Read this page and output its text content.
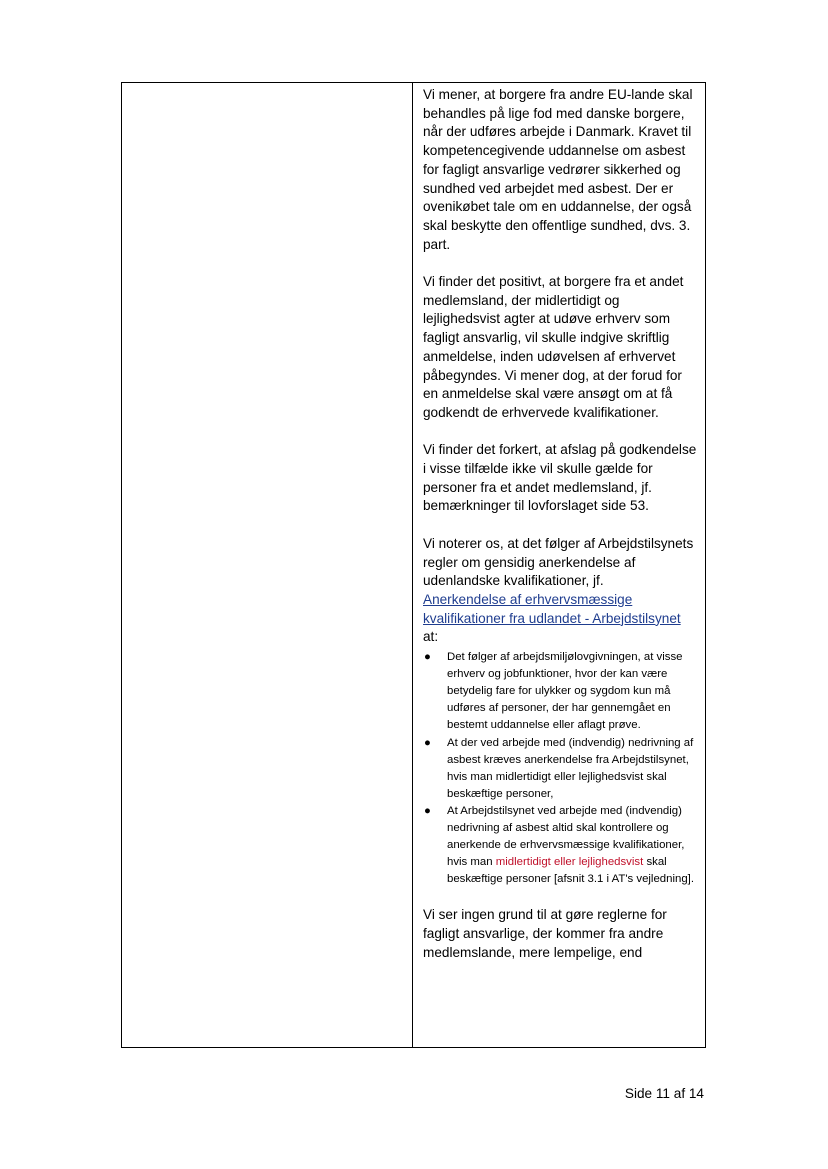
Vi mener, at borgere fra andre EU-lande skal behandles på lige fod med danske borgere, når der udføres arbejde i Danmark. Kravet til kompetencegivende uddannelse om asbest for fagligt ansvarlige vedrører sikkerhed og sundhed ved arbejdet med asbest. Der er ovenikøbet tale om en uddannelse, der også skal beskytte den offentlige sundhed, dvs. 3. part.

Vi finder det positivt, at borgere fra et andet medlemsland, der midlertidigt og lejlighedsvist agter at udøve erhverv som fagligt ansvarlig, vil skulle indgive skriftlig anmeldelse, inden udøvelsen af erhvervet påbegyndes. Vi mener dog, at der forud for en anmeldelse skal være ansøgt om at få godkendt de erhvervede kvalifikationer.

Vi finder det forkert, at afslag på godkendelse i visse tilfælde ikke vil skulle gælde for personer fra et andet medlemsland, jf. bemærkninger til lovforslaget side 53.

Vi noterer os, at det følger af Arbejdstilsynets regler om gensidig anerkendelse af udenlandske kvalifikationer, jf.
Anerkendelse af erhvervsmæssige kvalifikationer fra udlandet - Arbejdstilsynet
at:
● Det følger af arbejdsmiljølovgivningen, at visse erhverv og jobfunktioner, hvor der kan være betydelig fare for ulykker og sygdom kun må udføres af personer, der har gennemgået en bestemt uddannelse eller aflagt prøve.
● At der ved arbejde med (indvendig) nedrivning af asbest kræves anerkendelse fra Arbejdstilsynet, hvis man midlertidigt eller lejlighedsvist skal beskæftige personer,
● At Arbejdstilsynet ved arbejde med (indvendig) nedrivning af asbest altid skal kontrollere og anerkende de erhvervsmæssige kvalifikationer, hvis man midlertidigt eller lejlighedsvist skal beskæftige personer [afsnit 3.1 i AT's vejledning].

Vi ser ingen grund til at gøre reglerne for fagligt ansvarlige, der kommer fra andre medlemslande, mere lempelige, end

Side 11 af 14
